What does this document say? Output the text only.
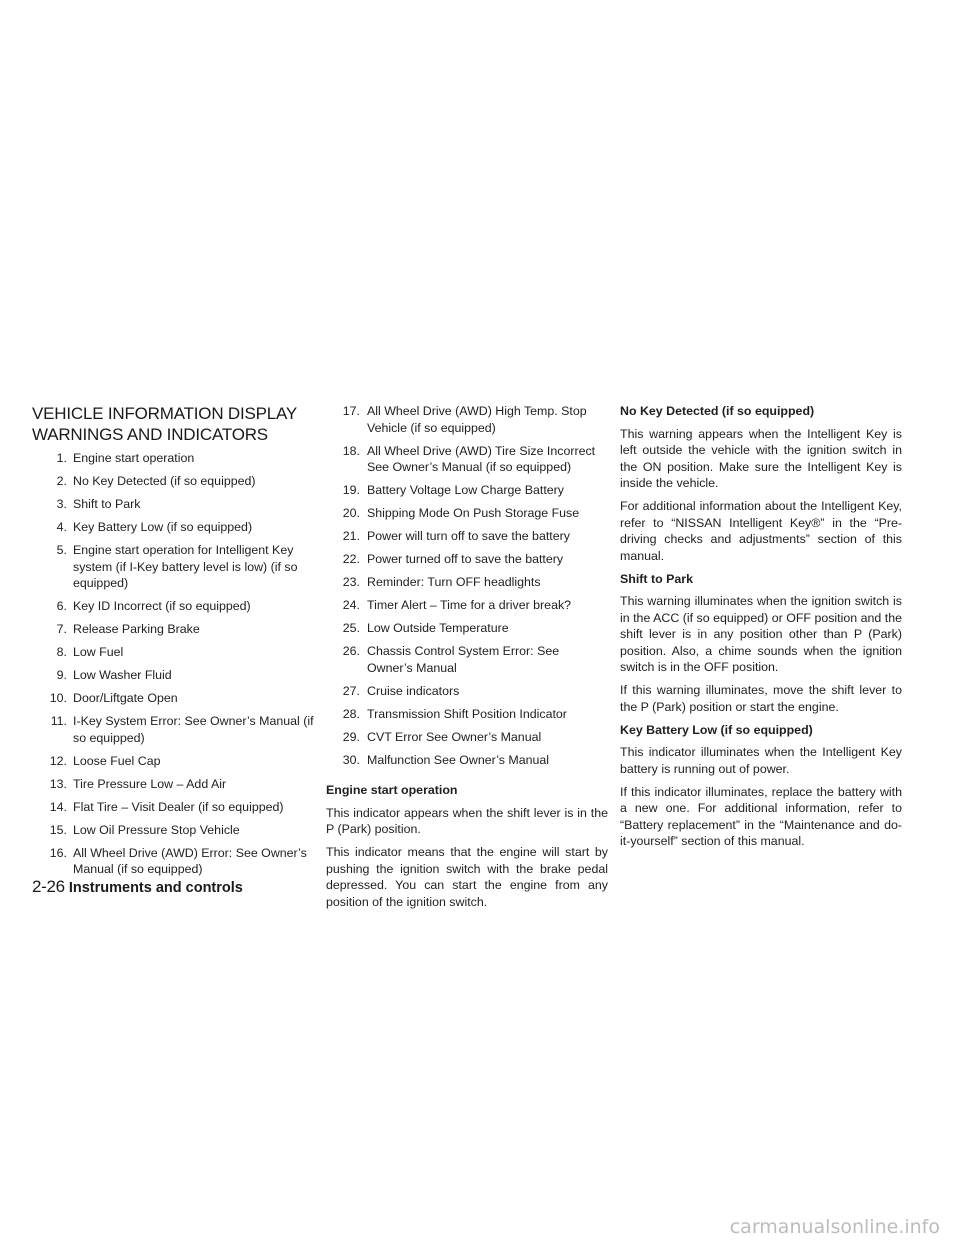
VEHICLE INFORMATION DISPLAY
WARNINGS AND INDICATORS
1. Engine start operation
2. No Key Detected (if so equipped)
3. Shift to Park
4. Key Battery Low (if so equipped)
5. Engine start operation for Intelligent Key system (if I-Key battery level is low) (if so equipped)
6. Key ID Incorrect (if so equipped)
7. Release Parking Brake
8. Low Fuel
9. Low Washer Fluid
10. Door/Liftgate Open
11. I-Key System Error: See Owner’s Manual (if so equipped)
12. Loose Fuel Cap
13. Tire Pressure Low – Add Air
14. Flat Tire – Visit Dealer (if so equipped)
15. Low Oil Pressure Stop Vehicle
16. All Wheel Drive (AWD) Error: See Owner’s Manual (if so equipped)
17. All Wheel Drive (AWD) High Temp. Stop Vehicle (if so equipped)
18. All Wheel Drive (AWD) Tire Size Incorrect See Owner’s Manual (if so equipped)
19. Battery Voltage Low Charge Battery
20. Shipping Mode On Push Storage Fuse
21. Power will turn off to save the battery
22. Power turned off to save the battery
23. Reminder: Turn OFF headlights
24. Timer Alert – Time for a driver break?
25. Low Outside Temperature
26. Chassis Control System Error: See Owner’s Manual
27. Cruise indicators
28. Transmission Shift Position Indicator
29. CVT Error See Owner’s Manual
30. Malfunction See Owner’s Manual
Engine start operation

This indicator appears when the shift lever is in the P (Park) position.

This indicator means that the engine will start by pushing the ignition switch with the brake pedal depressed. You can start the engine from any position of the ignition switch.

No Key Detected (if so equipped)

This warning appears when the Intelligent Key is left outside the vehicle with the ignition switch in the ON position. Make sure the Intelligent Key is inside the vehicle.

For additional information about the Intelligent Key, refer to “NISSAN Intelligent Key®” in the “Pre-driving checks and adjustments” section of this manual.

Shift to Park

This warning illuminates when the ignition switch is in the ACC (if so equipped) or OFF position and the shift lever is in any position other than P (Park) position. Also, a chime sounds when the ignition switch is in the OFF position.

If this warning illuminates, move the shift lever to the P (Park) position or start the engine.

Key Battery Low (if so equipped)

This indicator illuminates when the Intelligent Key battery is running out of power.

If this indicator illuminates, replace the battery with a new one. For additional information, refer to “Battery replacement” in the “Maintenance and do-it-yourself” section of this manual.

2-26 Instruments and controls
carmanualsonline.info
